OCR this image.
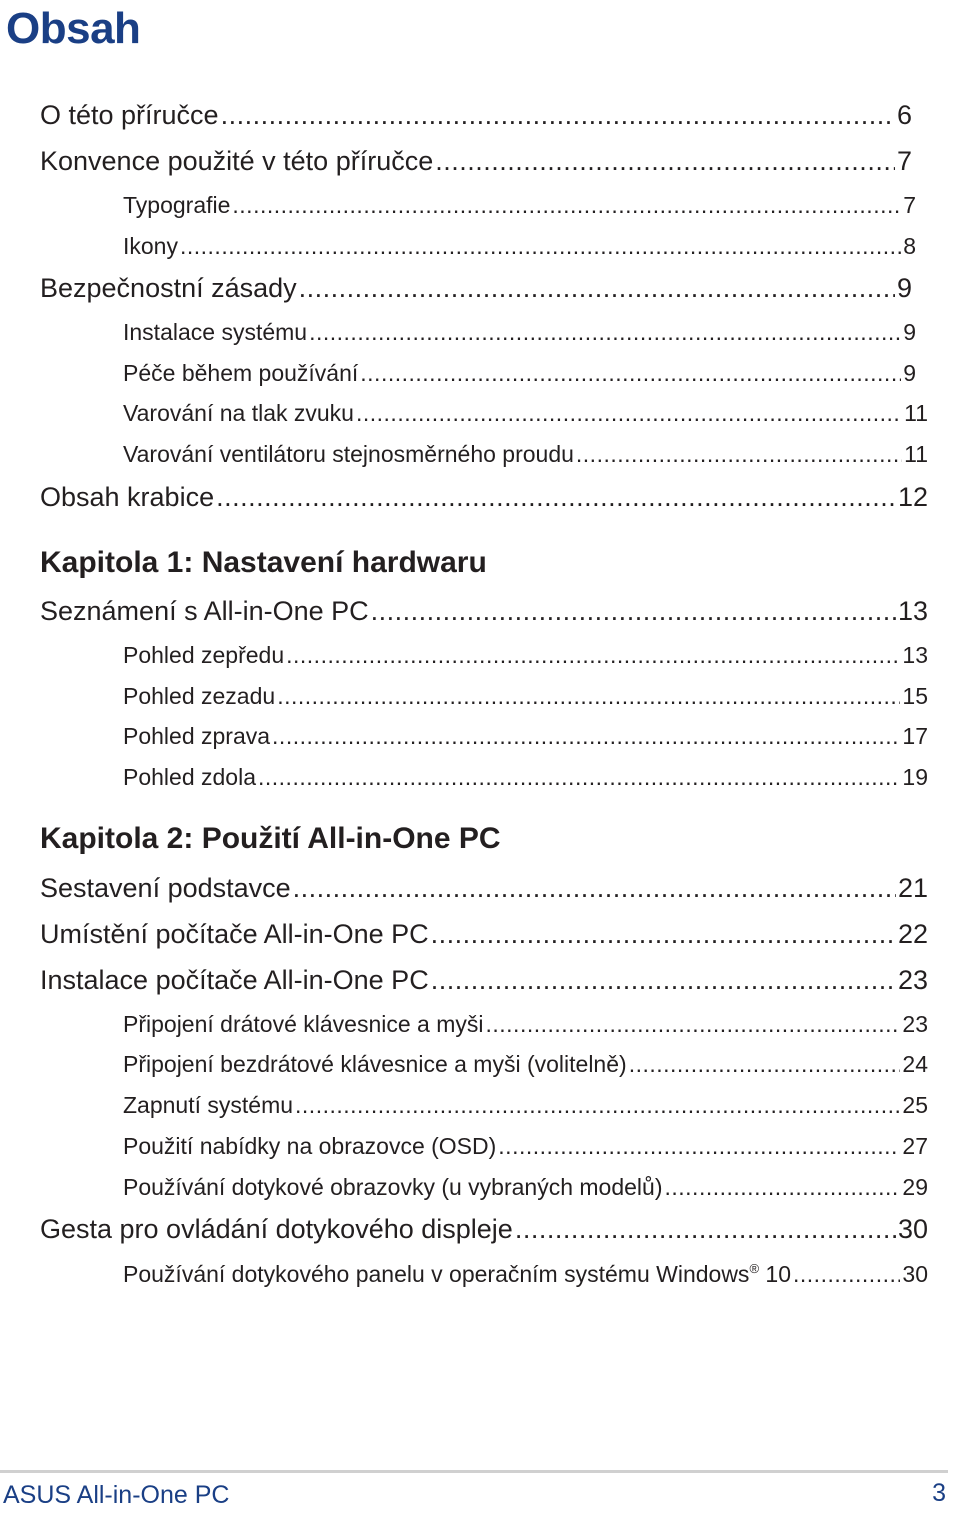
Obsah
O této příručce .....	6
Konvence použité v této příručce .....	7
Typografie .....	7
Ikony .....	8
Bezpečnostní zásady .....	9
Instalace systému .....	9
Péče během používání .....	9
Varování na tlak zvuku .....	11
Varování ventilátoru stejnosměrného proudu .....	11
Obsah krabice .....	12
Kapitola 1: Nastavení hardwaru
Seznámení s All-in-One PC .....	13
Pohled zepředu .....	13
Pohled zezadu .....	15
Pohled zprava .....	17
Pohled zdola .....	19
Kapitola 2: Použití All-in-One PC
Sestavení podstavce .....	21
Umístění počítače All-in-One PC .....	22
Instalace počítače All-in-One PC .....	23
Připojení drátové klávesnice a myši .....	23
Připojení bezdrátové klávesnice a myši (volitelně) .....	24
Zapnutí systému .....	25
Použití nabídky na obrazovce (OSD) .....	27
Používání dotykové obrazovky (u vybraných modelů) .....	29
Gesta pro ovládání dotykového displeje .....	30
Používání dotykového panelu v operačním systému Windows® 10 .....	30
ASUS All-in-One PC	3
